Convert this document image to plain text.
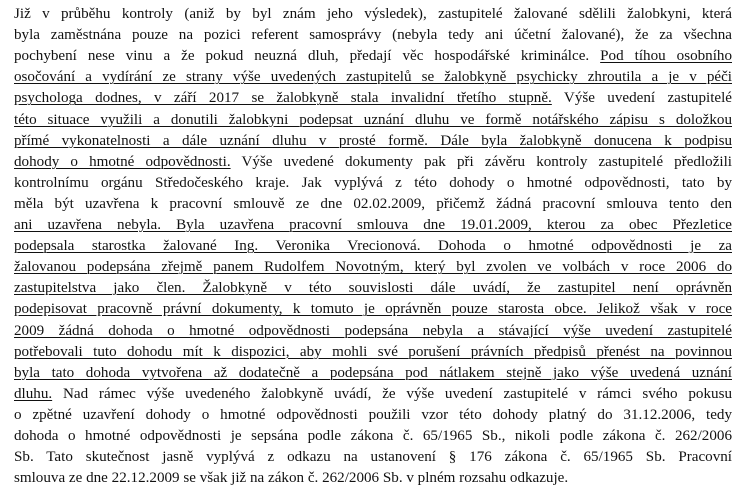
Již v průběhu kontroly (aniž by byl znám jeho výsledek), zastupitelé žalované sdělili žalobkyni, která
byla zaměstnána pouze na pozici referent samosprávy (nebyla tedy ani účetní žalované), že za všechna
pochybení nese vinu a že pokud neuzná dluh, předají věc hospodářské kriminálce. Pod tíhou osobního
osočování a vydírání ze strany výše uvedených zastupitelů se žalobkyně psychicky zhroutila a je v péči
psychologa dodnes, v září 2017 se žalobkyně stala invalidní třetího stupně. Výše uvedení zastupitelé
této situace využili a donutili žalobkyni podepsat uznání dluhu ve formě notářského zápisu s doložkou
přímé vykonatelnosti a dále uznání dluhu v prosté formě. Dále byla žalobkyně donucena k podpisu
dohody o hmotné odpovědnosti. Výše uvedené dokumenty pak při závěru kontroly zastupitelé předložili
kontrolnímu orgánu Středočeského kraje. Jak vyplývá z této dohody o hmotné odpovědnosti, tato by
měla být uzavřena k pracovní smlouvě ze dne 02.02.2009, přičemž žádná pracovní smlouva tento den
ani uzavřena nebyla. Byla uzavřena pracovní smlouva dne 19.01.2009, kterou za obec Přezletice
podepsala starostka žalované Ing. Veronika Vrecionová. Dohoda o hmotné odpovědnosti je za
žalovanou podepsána zřejmě panem Rudolfem Novotným, který byl zvolen ve volbách v roce 2006 do
zastupitelstva jako člen. Žalobkyně v této souvislosti dále uvádí, že zastupitel není oprávněn
podepisovat pracovně právní dokumenty, k tomuto je oprávněn pouze starosta obce. Jelikož však v roce
2009 žádná dohoda o hmotné odpovědnosti podepsána nebyla a stávající výše uvedení zastupitelé
potřebovali tuto dohodu mít k dispozici, aby mohli své porušení právních předpisů přenést na povinnou
byla tato dohoda vytvořena až dodatečně a podepsána pod nátlakem stejně jako výše uvedená uznání
dluhu. Nad rámec výše uvedeného žalobkyně uvádí, že výše uvedení zastupitelé v rámci svého pokusu
o zpětné uzavření dohody o hmotné odpovědnosti použili vzor této dohody platný do 31.12.2006, tedy
dohoda o hmotné odpovědnosti je sepsána podle zákona č. 65/1965 Sb., nikoli podle zákona č. 262/2006
Sb. Tato skutečnost jasně vyplývá z odkazu na ustanovení § 176 zákona č. 65/1965 Sb. Pracovní
smlouva ze dne 22.12.2009 se však již na zákon č. 262/2006 Sb. v plném rozsahu odkazuje.
